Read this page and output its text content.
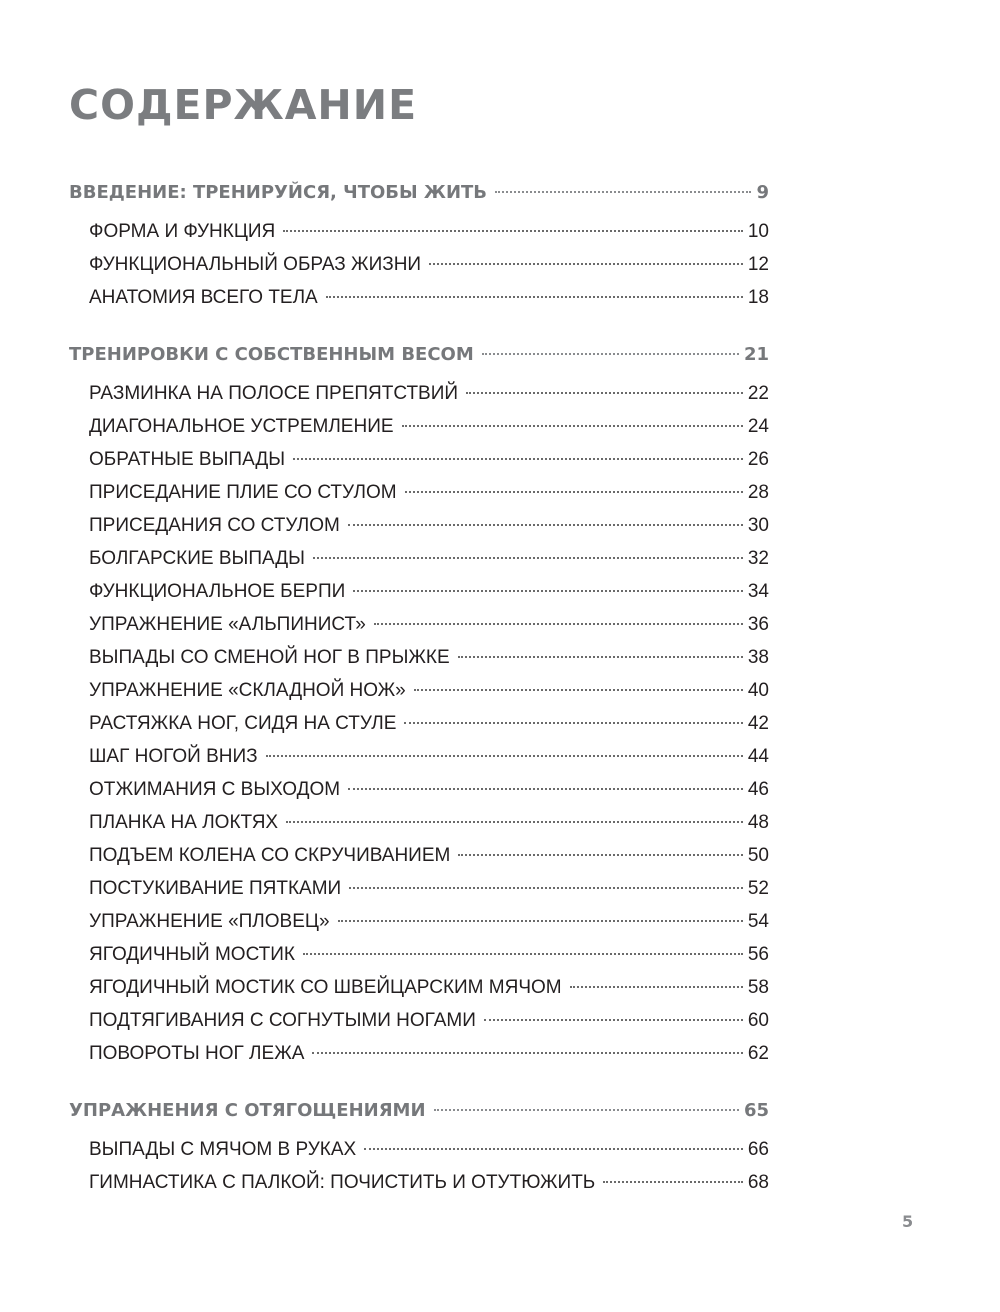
СОДЕРЖАНИЕ
ВВЕДЕНИЕ: ТРЕНИРУЙСЯ, ЧТОБЫ ЖИТЬ	9
ФОРМА И ФУНКЦИЯ	10
ФУНКЦИОНАЛЬНЫЙ ОБРАЗ ЖИЗНИ	12
АНАТОМИЯ ВСЕГО ТЕЛА	18
ТРЕНИРОВКИ С СОБСТВЕННЫМ ВЕСОМ	21
РАЗМИНКА НА ПОЛОСЕ ПРЕПЯТСТВИЙ	22
ДИАГОНАЛЬНОЕ УСТРЕМЛЕНИЕ	24
ОБРАТНЫЕ ВЫПАДЫ	26
ПРИСЕДАНИЕ ПЛИЕ СО СТУЛОМ	28
ПРИСЕДАНИЯ СО СТУЛОМ	30
БОЛГАРСКИЕ ВЫПАДЫ	32
ФУНКЦИОНАЛЬНОЕ БЕРПИ	34
УПРАЖНЕНИЕ «АЛЬПИНИСТ»	36
ВЫПАДЫ СО СМЕНОЙ НОГ В ПРЫЖКЕ	38
УПРАЖНЕНИЕ «СКЛАДНОЙ НОЖ»	40
РАСТЯЖКА НОГ, СИДЯ НА СТУЛЕ	42
ШАГ НОГОЙ ВНИЗ	44
ОТЖИМАНИЯ С ВЫХОДОМ	46
ПЛАНКА НА ЛОКТЯХ	48
ПОДЪЕМ КОЛЕНА СО СКРУЧИВАНИЕМ	50
ПОСТУКИВАНИЕ ПЯТКАМИ	52
УПРАЖНЕНИЕ «ПЛОВЕЦ»	54
ЯГОДИЧНЫЙ МОСТИК	56
ЯГОДИЧНЫЙ МОСТИК СО ШВЕЙЦАРСКИМ МЯЧОМ	58
ПОДТЯГИВАНИЯ С СОГНУТЫМИ НОГАМИ	60
ПОВОРОТЫ НОГ ЛЕЖА	62
УПРАЖНЕНИЯ С ОТЯГОЩЕНИЯМИ	65
ВЫПАДЫ С МЯЧОМ В РУКАХ	66
ГИМНАСТИКА С ПАЛКОЙ: ПОЧИСТИТЬ И ОТУТЮЖИТЬ	68
5
